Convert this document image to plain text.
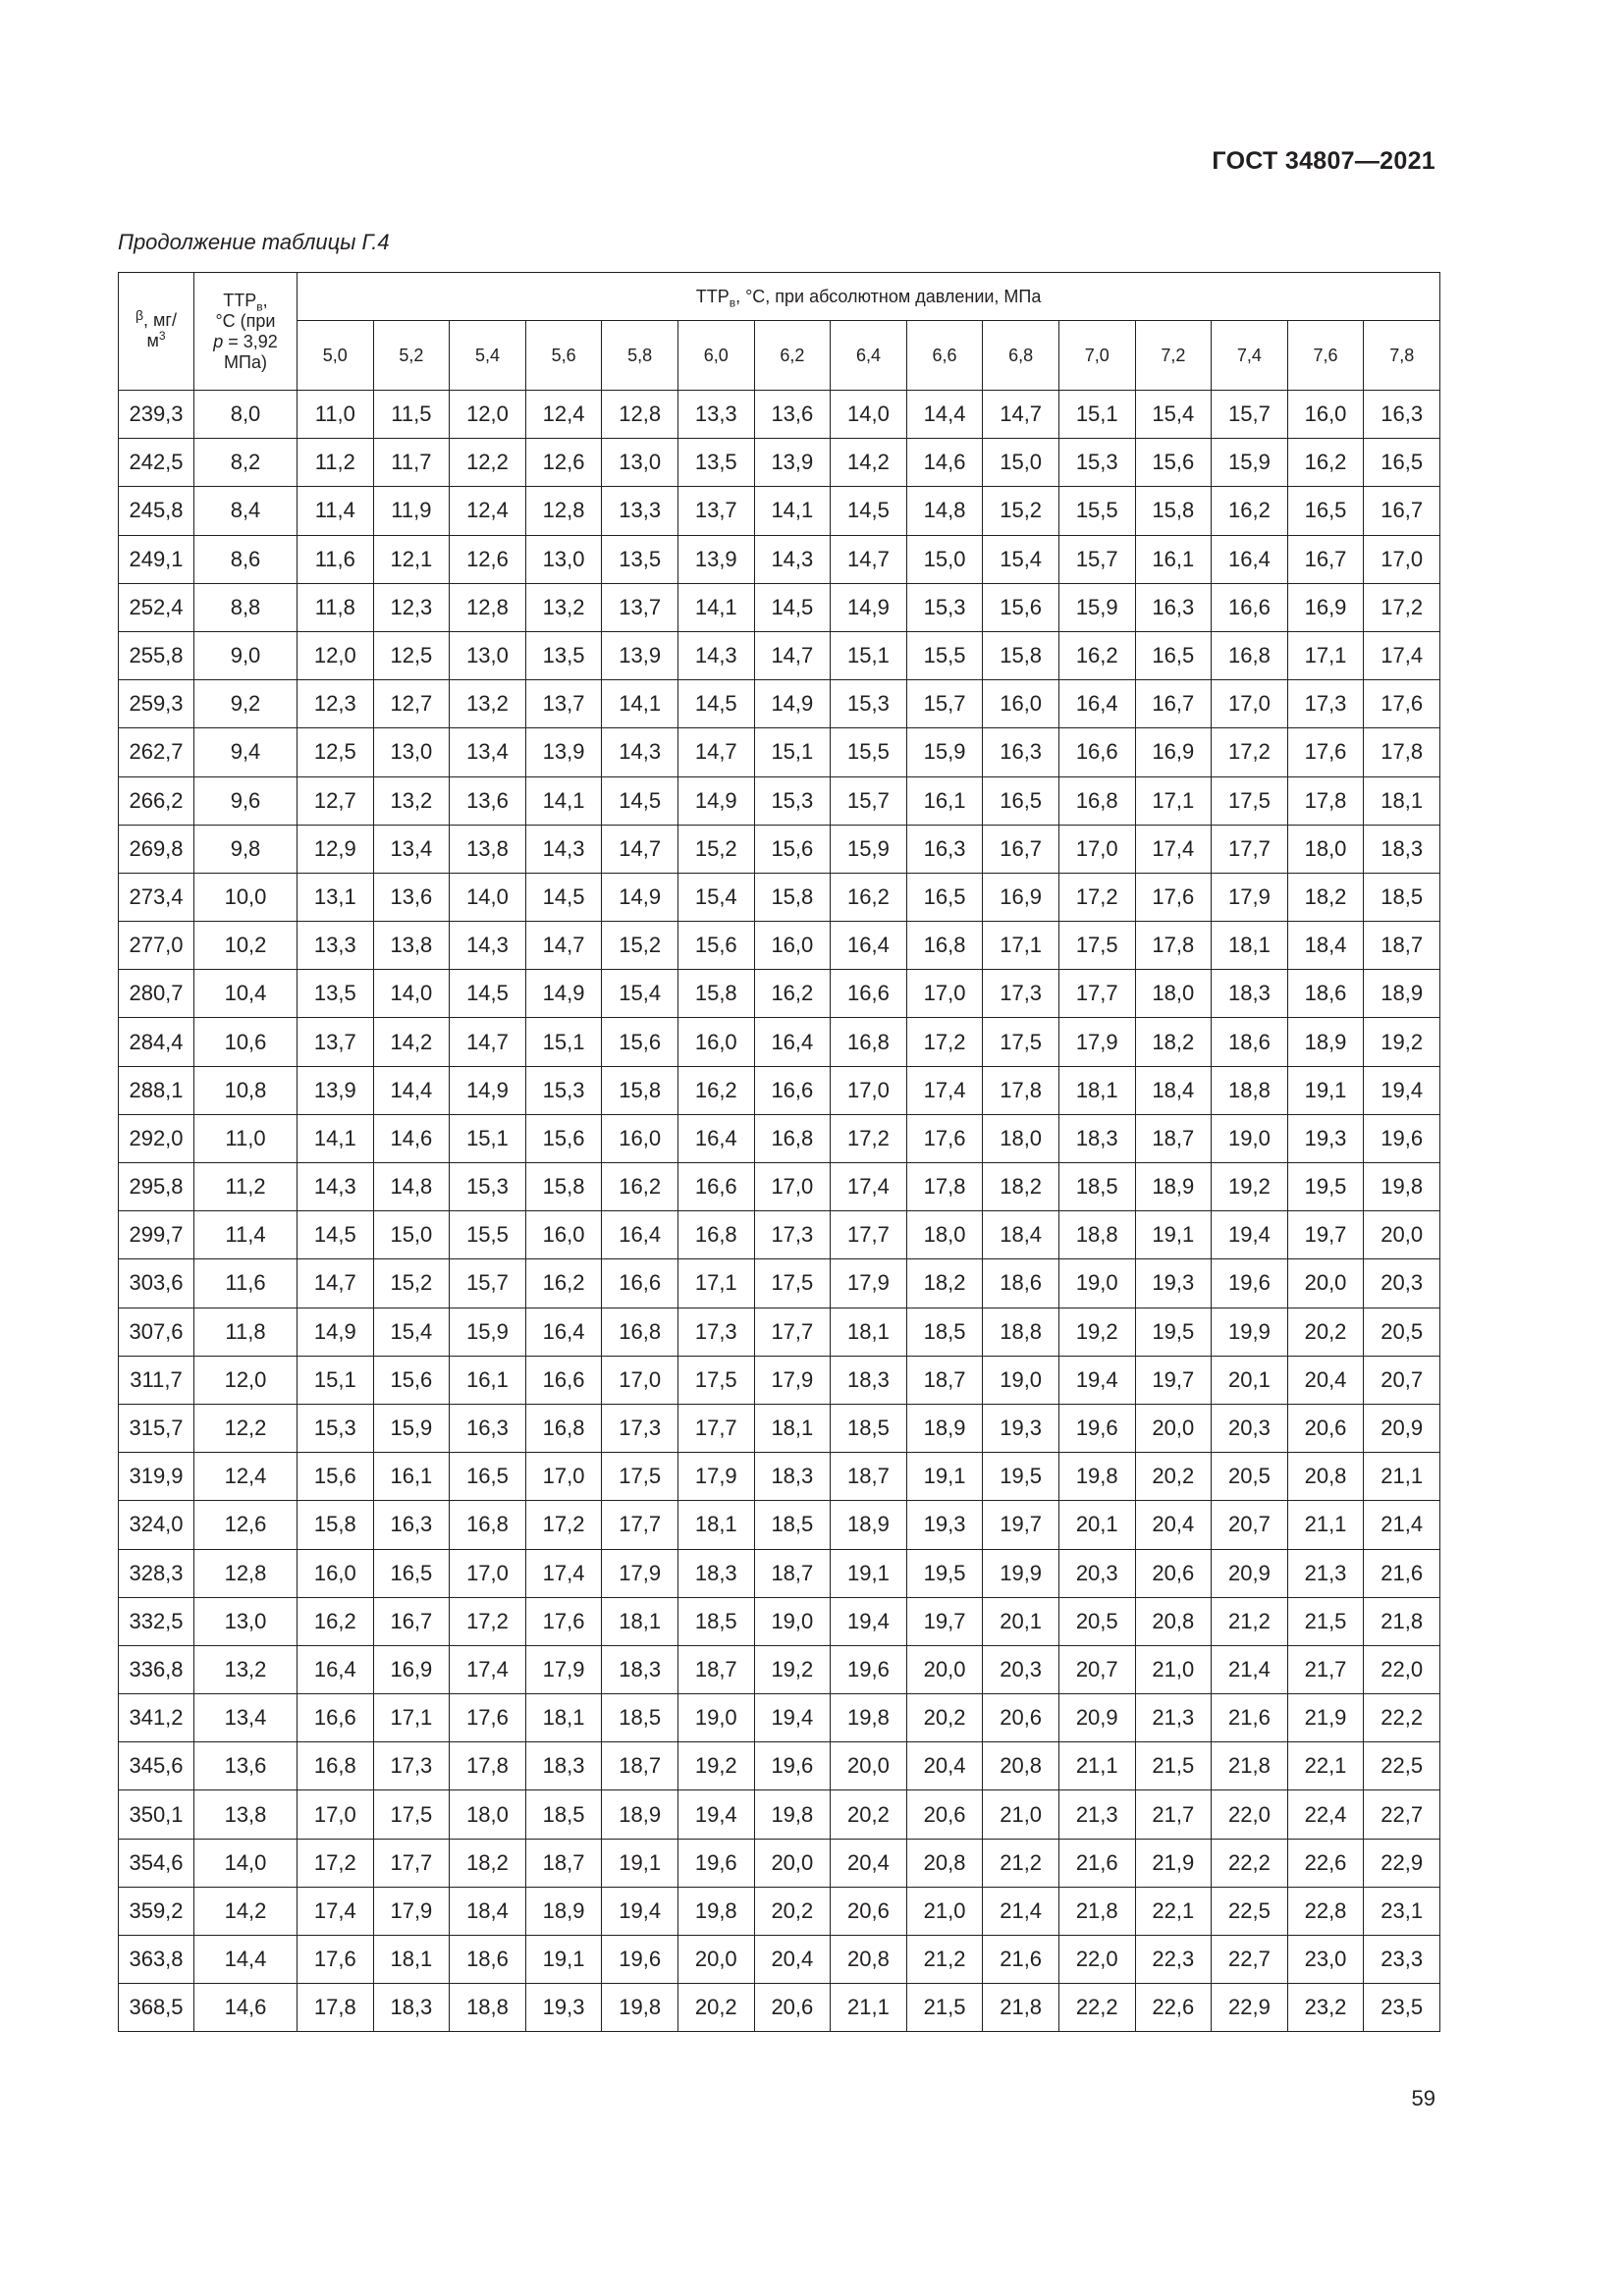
ГОСТ 34807—2021
Продолжение таблицы Г.4
$^\beta$, мг/
$м^3$	$ТТР_в$,
°С (при
p = 3,92
МПа)	$ТТР_в$, °С, при абсолютном давлении, МПа														
		5,0	5,2	5,4	5,6	5,8	6,0	6,2	6,4	6,6	6,8	7,0	7,2	7,4	7,6	7,8
239,3	8,0	11,0	11,5	12,0	12,4	12,8	13,3	13,6	14,0	14,4	14,7	15,1	15,4	15,7	16,0	16,3
242,5	8,2	11,2	11,7	12,2	12,6	13,0	13,5	13,9	14,2	14,6	15,0	15,3	15,6	15,9	16,2	16,5
245,8	8,4	11,4	11,9	12,4	12,8	13,3	13,7	14,1	14,5	14,8	15,2	15,5	15,8	16,2	16,5	16,7
249,1	8,6	11,6	12,1	12,6	13,0	13,5	13,9	14,3	14,7	15,0	15,4	15,7	16,1	16,4	16,7	17,0
252,4	8,8	11,8	12,3	12,8	13,2	13,7	14,1	14,5	14,9	15,3	15,6	15,9	16,3	16,6	16,9	17,2
255,8	9,0	12,0	12,5	13,0	13,5	13,9	14,3	14,7	15,1	15,5	15,8	16,2	16,5	16,8	17,1	17,4
259,3	9,2	12,3	12,7	13,2	13,7	14,1	14,5	14,9	15,3	15,7	16,0	16,4	16,7	17,0	17,3	17,6
262,7	9,4	12,5	13,0	13,4	13,9	14,3	14,7	15,1	15,5	15,9	16,3	16,6	16,9	17,2	17,6	17,8
266,2	9,6	12,7	13,2	13,6	14,1	14,5	14,9	15,3	15,7	16,1	16,5	16,8	17,1	17,5	17,8	18,1
269,8	9,8	12,9	13,4	13,8	14,3	14,7	15,2	15,6	15,9	16,3	16,7	17,0	17,4	17,7	18,0	18,3
273,4	10,0	13,1	13,6	14,0	14,5	14,9	15,4	15,8	16,2	16,5	16,9	17,2	17,6	17,9	18,2	18,5
277,0	10,2	13,3	13,8	14,3	14,7	15,2	15,6	16,0	16,4	16,8	17,1	17,5	17,8	18,1	18,4	18,7
280,7	10,4	13,5	14,0	14,5	14,9	15,4	15,8	16,2	16,6	17,0	17,3	17,7	18,0	18,3	18,6	18,9
284,4	10,6	13,7	14,2	14,7	15,1	15,6	16,0	16,4	16,8	17,2	17,5	17,9	18,2	18,6	18,9	19,2
288,1	10,8	13,9	14,4	14,9	15,3	15,8	16,2	16,6	17,0	17,4	17,8	18,1	18,4	18,8	19,1	19,4
292,0	11,0	14,1	14,6	15,1	15,6	16,0	16,4	16,8	17,2	17,6	18,0	18,3	18,7	19,0	19,3	19,6
295,8	11,2	14,3	14,8	15,3	15,8	16,2	16,6	17,0	17,4	17,8	18,2	18,5	18,9	19,2	19,5	19,8
299,7	11,4	14,5	15,0	15,5	16,0	16,4	16,8	17,3	17,7	18,0	18,4	18,8	19,1	19,4	19,7	20,0
303,6	11,6	14,7	15,2	15,7	16,2	16,6	17,1	17,5	17,9	18,2	18,6	19,0	19,3	19,6	20,0	20,3
307,6	11,8	14,9	15,4	15,9	16,4	16,8	17,3	17,7	18,1	18,5	18,8	19,2	19,5	19,9	20,2	20,5
311,7	12,0	15,1	15,6	16,1	16,6	17,0	17,5	17,9	18,3	18,7	19,0	19,4	19,7	20,1	20,4	20,7
315,7	12,2	15,3	15,9	16,3	16,8	17,3	17,7	18,1	18,5	18,9	19,3	19,6	20,0	20,3	20,6	20,9
319,9	12,4	15,6	16,1	16,5	17,0	17,5	17,9	18,3	18,7	19,1	19,5	19,8	20,2	20,5	20,8	21,1
324,0	12,6	15,8	16,3	16,8	17,2	17,7	18,1	18,5	18,9	19,3	19,7	20,1	20,4	20,7	21,1	21,4
328,3	12,8	16,0	16,5	17,0	17,4	17,9	18,3	18,7	19,1	19,5	19,9	20,3	20,6	20,9	21,3	21,6
332,5	13,0	16,2	16,7	17,2	17,6	18,1	18,5	19,0	19,4	19,7	20,1	20,5	20,8	21,2	21,5	21,8
336,8	13,2	16,4	16,9	17,4	17,9	18,3	18,7	19,2	19,6	20,0	20,3	20,7	21,0	21,4	21,7	22,0
341,2	13,4	16,6	17,1	17,6	18,1	18,5	19,0	19,4	19,8	20,2	20,6	20,9	21,3	21,6	21,9	22,2
345,6	13,6	16,8	17,3	17,8	18,3	18,7	19,2	19,6	20,0	20,4	20,8	21,1	21,5	21,8	22,1	22,5
350,1	13,8	17,0	17,5	18,0	18,5	18,9	19,4	19,8	20,2	20,6	21,0	21,3	21,7	22,0	22,4	22,7
354,6	14,0	17,2	17,7	18,2	18,7	19,1	19,6	20,0	20,4	20,8	21,2	21,6	21,9	22,2	22,6	22,9
359,2	14,2	17,4	17,9	18,4	18,9	19,4	19,8	20,2	20,6	21,0	21,4	21,8	22,1	22,5	22,8	23,1
363,8	14,4	17,6	18,1	18,6	19,1	19,6	20,0	20,4	20,8	21,2	21,6	22,0	22,3	22,7	23,0	23,3
368,5	14,6	17,8	18,3	18,8	19,3	19,8	20,2	20,6	21,1	21,5	21,8	22,2	22,6	22,9	23,2	23,5
59
